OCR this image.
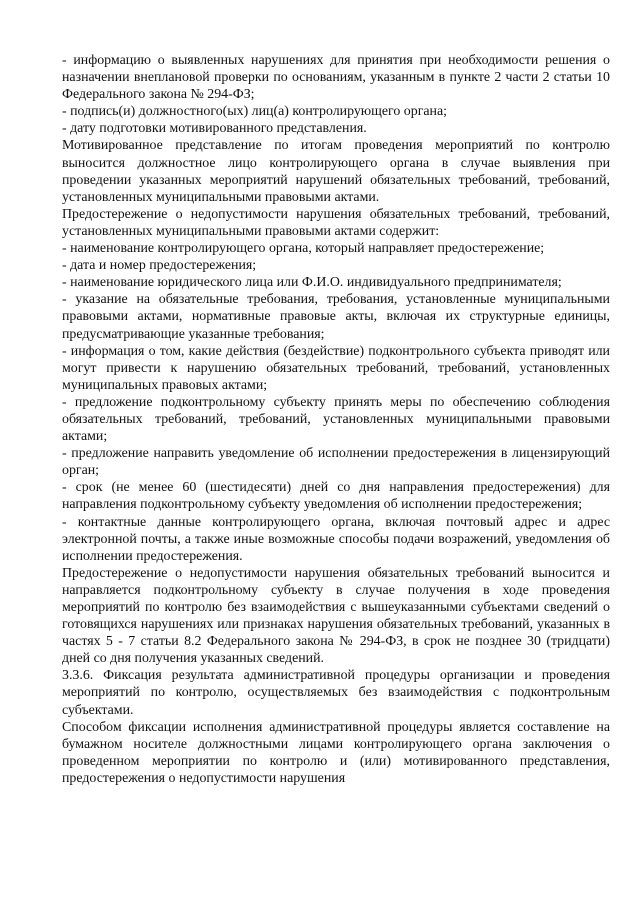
- информацию о выявленных нарушениях для принятия при необходимости решения о назначении внеплановой проверки по основаниям, указанным в пункте 2 части 2 статьи 10 Федерального закона № 294-ФЗ;

- подпись(и) должностного(ых) лиц(а) контролирующего органа;

- дату подготовки мотивированного представления.

Мотивированное представление по итогам проведения мероприятий по контролю выносится должностное лицо контролирующего органа в случае выявления при проведении указанных мероприятий нарушений обязательных требований, требований, установленных муниципальными правовыми актами.

Предостережение о недопустимости нарушения обязательных требований, требований, установленных муниципальными правовыми актами содержит:

- наименование контролирующего органа, который направляет предостережение;

- дата и номер предостережения;

- наименование юридического лица или Ф.И.О. индивидуального предпринимателя;

- указание на обязательные требования, требования, установленные муниципальными правовыми актами, нормативные правовые акты, включая их структурные единицы, предусматривающие указанные требования;

- информация о том, какие действия (бездействие) подконтрольного субъекта приводят или могут привести к нарушению обязательных требований, требований, установленных муниципальных правовых актами;

- предложение подконтрольному субъекту принять меры по обеспечению соблюдения обязательных требований, требований, установленных муниципальными правовыми актами;

- предложение направить уведомление об исполнении предостережения в лицензирующий орган;

- срок (не менее 60 (шестидесяти) дней со дня направления предостережения) для направления подконтрольному субъекту уведомления об исполнении предостережения;

- контактные данные контролирующего органа, включая почтовый адрес и адрес электронной почты, а также иные возможные способы подачи возражений, уведомления об исполнении предостережения.

Предостережение о недопустимости нарушения обязательных требований выносится и направляется подконтрольному субъекту в случае получения в ходе проведения мероприятий по контролю без взаимодействия с вышеуказанными субъектами сведений о готовящихся нарушениях или признаках нарушения обязательных требований, указанных в частях 5 - 7 статьи 8.2 Федерального закона № 294-ФЗ, в срок не позднее 30 (тридцати) дней со дня получения указанных сведений.

3.3.6. Фиксация результата административной процедуры организации и проведения мероприятий по контролю, осуществляемых без взаимодействия с подконтрольным субъектами.

Способом фиксации исполнения административной процедуры является составление на бумажном носителе должностными лицами контролирующего органа заключения о проведенном мероприятии по контролю и (или) мотивированного представления, предостережения о недопустимости нарушения
